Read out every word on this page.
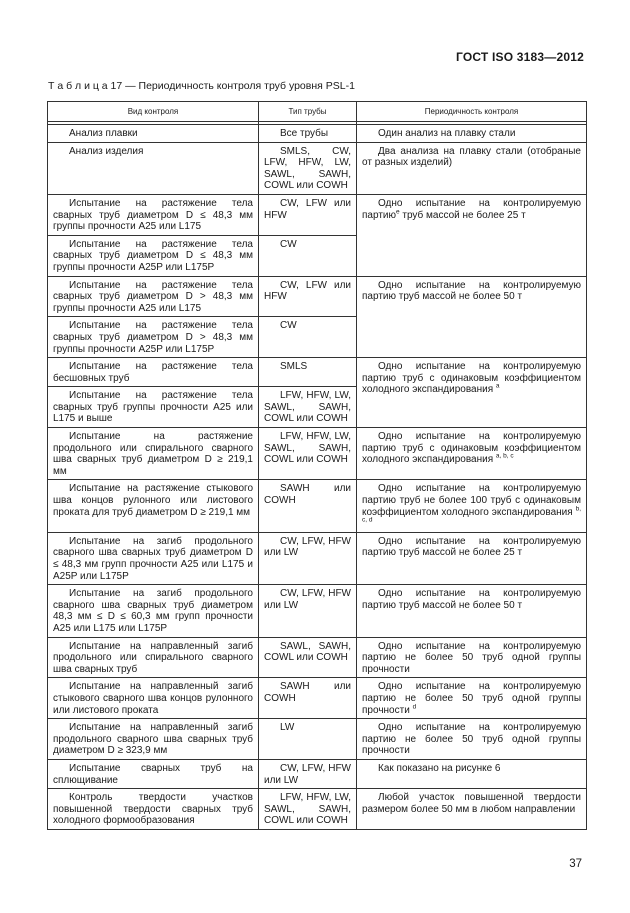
ГОСТ ISO 3183—2012
Т а б л и ц а 17 — Периодичность контроля труб уровня PSL-1
Вид контроля	Тип трубы	Периодичность контроля

Анализ плавки	Все трубы	Один анализ на плавку стали
Анализ изделия	SMLS, CW, LFW, HFW, LW, SAWL, SAWH, COWL или COWH	Два анализа на плавку стали (отобраные от разных изделий)
Испытание на растяжение тела сварных труб диаметром D ≤ 48,3 мм группы прочности A25 или L175	CW, LFW или HFW	Одно испытание на контролируемую партию$^e$ труб массой не более 25 т
Испытание на растяжение тела сварных труб диаметром D ≤ 48,3 мм группы прочности A25P или L175P	CW	
Испытание на растяжение тела сварных труб диаметром D > 48,3 мм группы прочности A25 или L175	CW, LFW или HFW	Одно испытание на контролируемую партию труб массой не более 50 т
Испытание на растяжение тела сварных труб диаметром D > 48,3 мм группы прочности A25P или L175P	CW	
Испытание на растяжение тела бесшовных труб	SMLS	Одно испытание на контролируемую партию труб с одинаковым коэффициентом холодного экспандирования $^a$
Испытание на растяжение тела сварных труб группы прочности A25 или L175 и выше	LFW, HFW, LW, SAWL, SAWH, COWL или COWH	
Испытание на растяжение продольного или спирального сварного шва сварных труб диаметром D ≥ 219,1 мм	LFW, HFW, LW, SAWL, SAWH, COWL или COWH	Одно испытание на контролируемую партию труб с одинаковым коэффициентом холодного экспандирования $^{a, b, c}$
Испытание на растяжение стыкового шва концов рулонного или листового проката для труб диаметром D ≥ 219,1 мм	SAWH или COWH	Одно испытание на контролируемую партию труб не более 100 труб с одинаковым коэффициентом холодного экспандирования $^{b, c, d}$
Испытание на загиб продольного сварного шва сварных труб диаметром D ≤ 48,3 мм групп прочности A25 или L175 и A25P или L175P	CW, LFW, HFW или LW	Одно испытание на контролируемую партию труб массой не более 25 т
Испытание на загиб продольного сварного шва сварных труб диаметром 48,3 мм ≤ D ≤ 60,3 мм групп прочности A25 или L175 или L175P	CW, LFW, HFW или LW	Одно испытание на контролируемую партию труб массой не более 50 т
Испытание на направленный загиб продольного или спирального сварного шва сварных труб	SAWL, SAWH, COWL или COWH	Одно испытание на контролируемую партию не более 50 труб одной группы прочности
Испытание на направленный загиб стыкового сварного шва концов рулонного или листового проката	SAWH или COWH	Одно испытание на контролируемую партию не более 50 труб одной группы прочности $^d$
Испытание на направленный загиб продольного сварного шва сварных труб диаметром D ≥ 323,9 мм	LW	Одно испытание на контролируемую партию не более 50 труб одной группы прочности
Испытание сварных труб на сплющивание	CW, LFW, HFW или LW	Как показано на рисунке 6
Контроль твердости участков повышенной твердости сварных труб холодного формообразования	LFW, HFW, LW, SAWL, SAWH, COWL или COWH	Любой участок повышенной твердости размером более 50 мм в любом направлении
37
